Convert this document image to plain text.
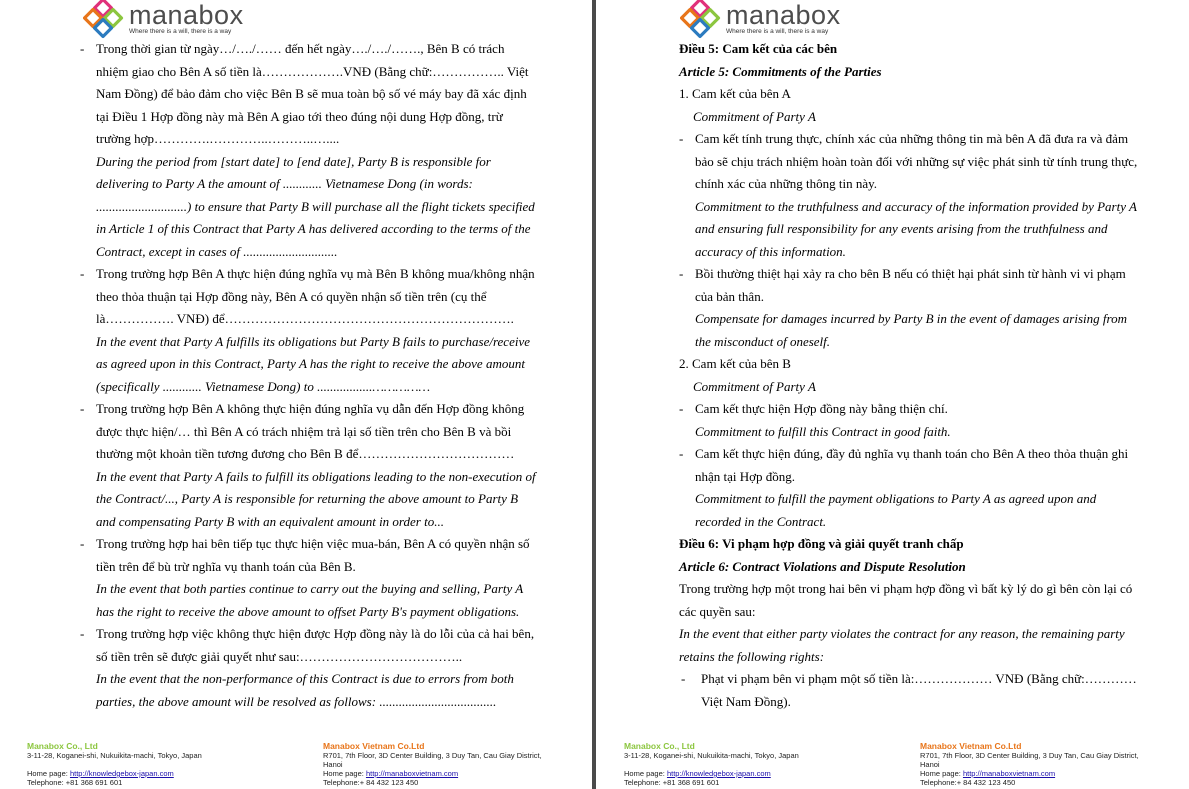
manabox
Where there is a will, there is a way
- Trong thời gian từ ngày…/…./…… đến hết ngày…./…./……., Bên B có trách nhiệm giao cho Bên A số tiền là……………….VNĐ (Bằng chữ:…………….. Việt Nam Đồng) để bảo đảm cho việc Bên B sẽ mua toàn bộ số vé máy bay đã xác định tại Điều 1 Hợp đồng này mà Bên A giao tới theo đúng nội dung Hợp đồng, trừ trường hợp………….…………..………..…....
During the period from [start date] to [end date], Party B is responsible for delivering to Party A the amount of ............ Vietnamese Dong (in words: ............................) to ensure that Party B will purchase all the flight tickets specified in Article 1 of this Contract that Party A has delivered according to the terms of the Contract, except in cases of .............................
- Trong trường hợp Bên A thực hiện đúng nghĩa vụ mà Bên B không mua/không nhận theo thỏa thuận tại Hợp đồng này, Bên A có quyền nhận số tiền trên (cụ thể là……………. VNĐ) để………………………………………………………….
In the event that Party A fulfills its obligations but Party B fails to purchase/receive as agreed upon in this Contract, Party A has the right to receive the above amount (specifically ............ Vietnamese Dong) to .................……………
- Trong trường hợp Bên A không thực hiện đúng nghĩa vụ dẫn đến Hợp đồng không được thực hiện/… thì Bên A có trách nhiệm trả lại số tiền trên cho Bên B và bồi thường một khoản tiền tương đương cho Bên B để………………………………
In the event that Party A fails to fulfill its obligations leading to the non-execution of the Contract/..., Party A is responsible for returning the above amount to Party B and compensating Party B with an equivalent amount in order to...
- Trong trường hợp hai bên tiếp tục thực hiện việc mua-bán, Bên A có quyền nhận số tiền trên để bù trừ nghĩa vụ thanh toán của Bên B.
In the event that both parties continue to carry out the buying and selling, Party A has the right to receive the above amount to offset Party B's payment obligations.
- Trong trường hợp việc không thực hiện được Hợp đồng này là do lỗi của cả hai bên, số tiền trên sẽ được giải quyết như sau:………………………………..
In the event that the non-performance of this Contract is due to errors from both parties, the above amount will be resolved as follows: ....................................
Manabox Co., Ltd
3-11-28, Koganei-shi, Nukuikita-machi, Tokyo, Japan
Home page: http://knowledgebox-japan.com
Telephone: +81 368 691 601
Manabox Vietnam Co.Ltd
R701, 7th Floor, 3D Center Building, 3 Duy Tan, Cau Giay District,
Hanoi
Home page: http://manaboxvietnam.com
Telephone:+ 84 432 123 450
manabox
Where there is a will, there is a way
Điều 5: Cam kết của các bên
Article 5: Commitments of the Parties
1. Cam kết của bên A
Commitment of Party A
- Cam kết tính trung thực, chính xác của những thông tin mà bên A đã đưa ra và đảm bảo sẽ chịu trách nhiệm hoàn toàn đối với những sự việc phát sinh từ tính trung thực, chính xác của những thông tin này.
Commitment to the truthfulness and accuracy of the information provided by Party A and ensuring full responsibility for any events arising from the truthfulness and accuracy of this information.
- Bồi thường thiệt hại xảy ra cho bên B nếu có thiệt hại phát sinh từ hành vi vi phạm của bản thân.
Compensate for damages incurred by Party B in the event of damages arising from the misconduct of oneself.
2. Cam kết của bên B
Commitment of Party A
- Cam kết thực hiện Hợp đồng này bằng thiện chí.
Commitment to fulfill this Contract in good faith.
- Cam kết thực hiện đúng, đầy đủ nghĩa vụ thanh toán cho Bên A theo thỏa thuận ghi nhận tại Hợp đồng.
Commitment to fulfill the payment obligations to Party A as agreed upon and recorded in the Contract.
Điều 6: Vi phạm hợp đồng và giải quyết tranh chấp
Article 6: Contract Violations and Dispute Resolution
Trong trường hợp một trong hai bên vi phạm hợp đồng vì bất kỳ lý do gì bên còn lại có các quyền sau:
In the event that either party violates the contract for any reason, the remaining party retains the following rights:
- Phạt vi phạm bên vi phạm một số tiền là:……………… VNĐ (Bằng chữ:………… Việt Nam Đồng).
Manabox Co., Ltd
3-11-28, Koganei-shi, Nukuikita-machi, Tokyo, Japan
Home page: http://knowledgebox-japan.com
Telephone: +81 368 691 601
Manabox Vietnam Co.Ltd
R701, 7th Floor, 3D Center Building, 3 Duy Tan, Cau Giay District,
Hanoi
Home page: http://manaboxvietnam.com
Telephone:+ 84 432 123 450
